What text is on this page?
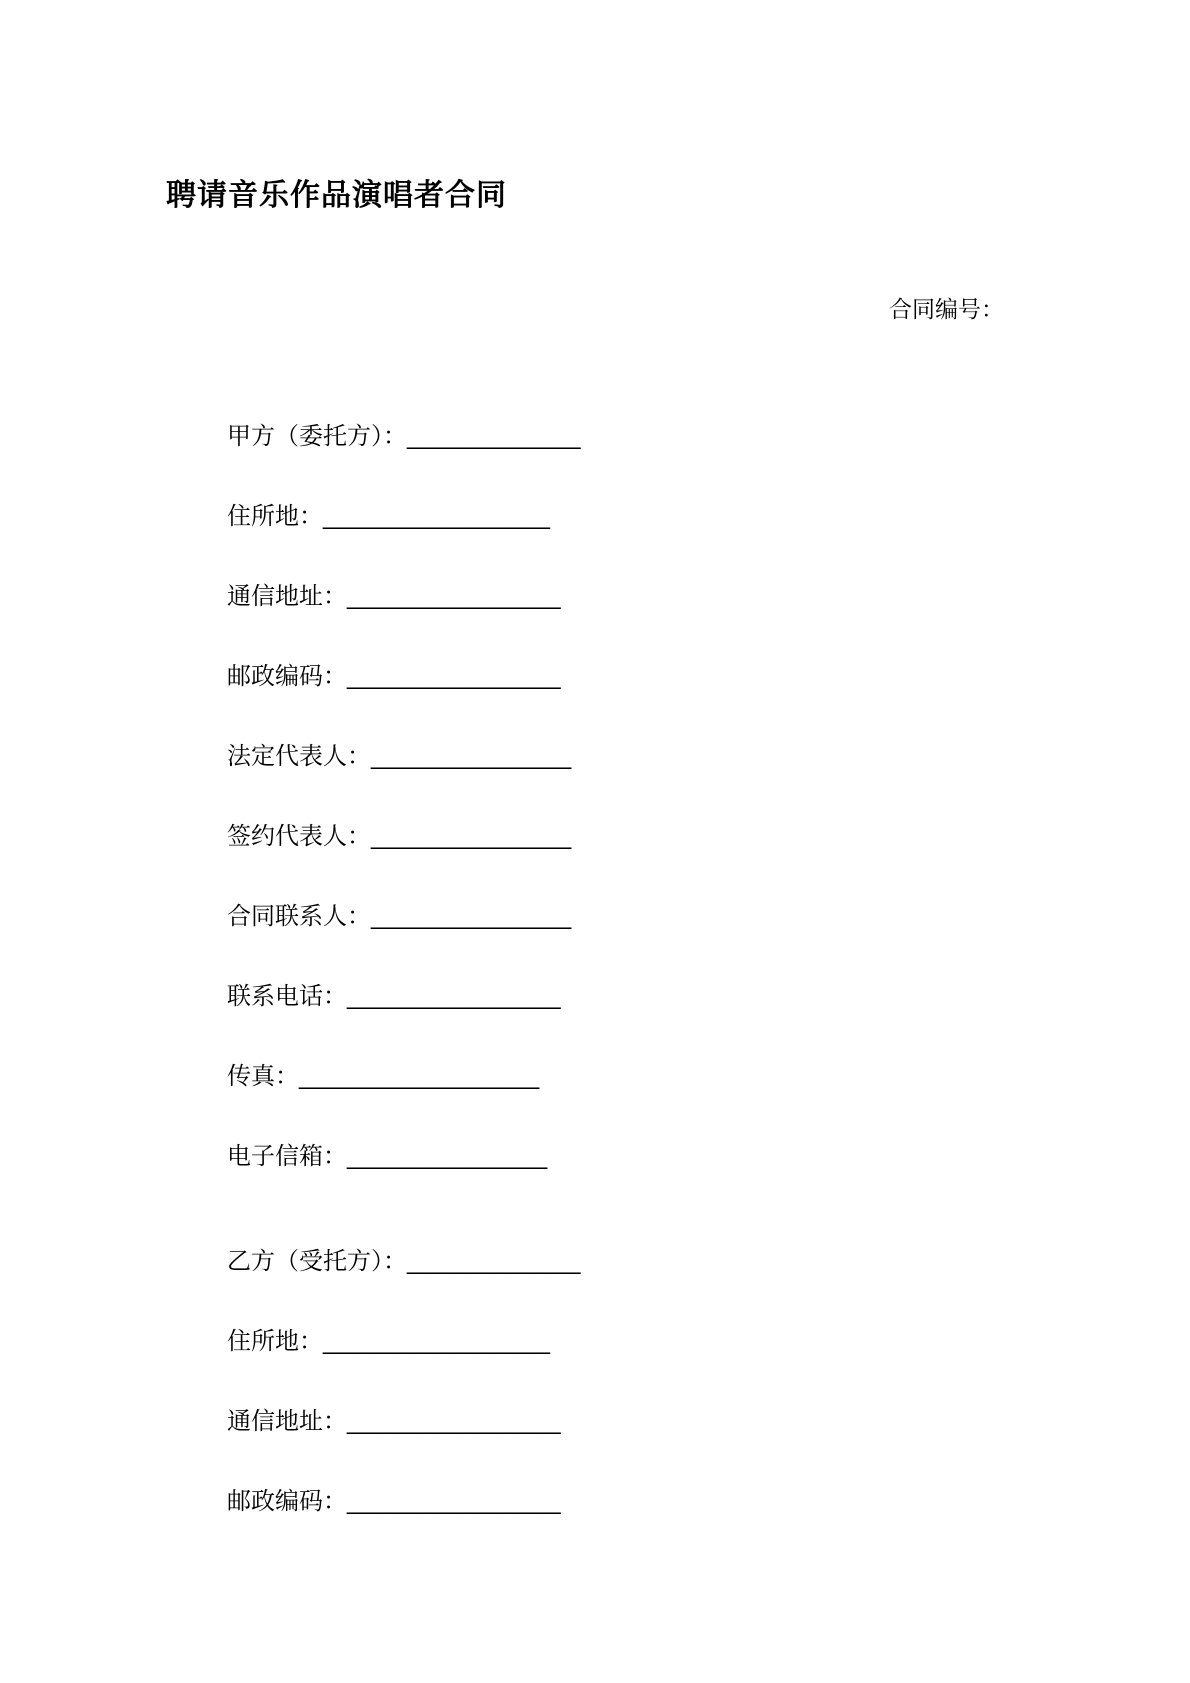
聘请音乐作品演唱者合同
合同编号：
甲方（委托方）： _____________
住所地： _________________
通信地址： ________________
邮政编码： ________________
法定代表人： _______________
签约代表人： _______________
合同联系人： _______________
联系电话： ________________
传真： __________________
电子信箱： _______________
乙方（受托方）： _____________
住所地： _________________
通信地址： ________________
邮政编码： ________________
